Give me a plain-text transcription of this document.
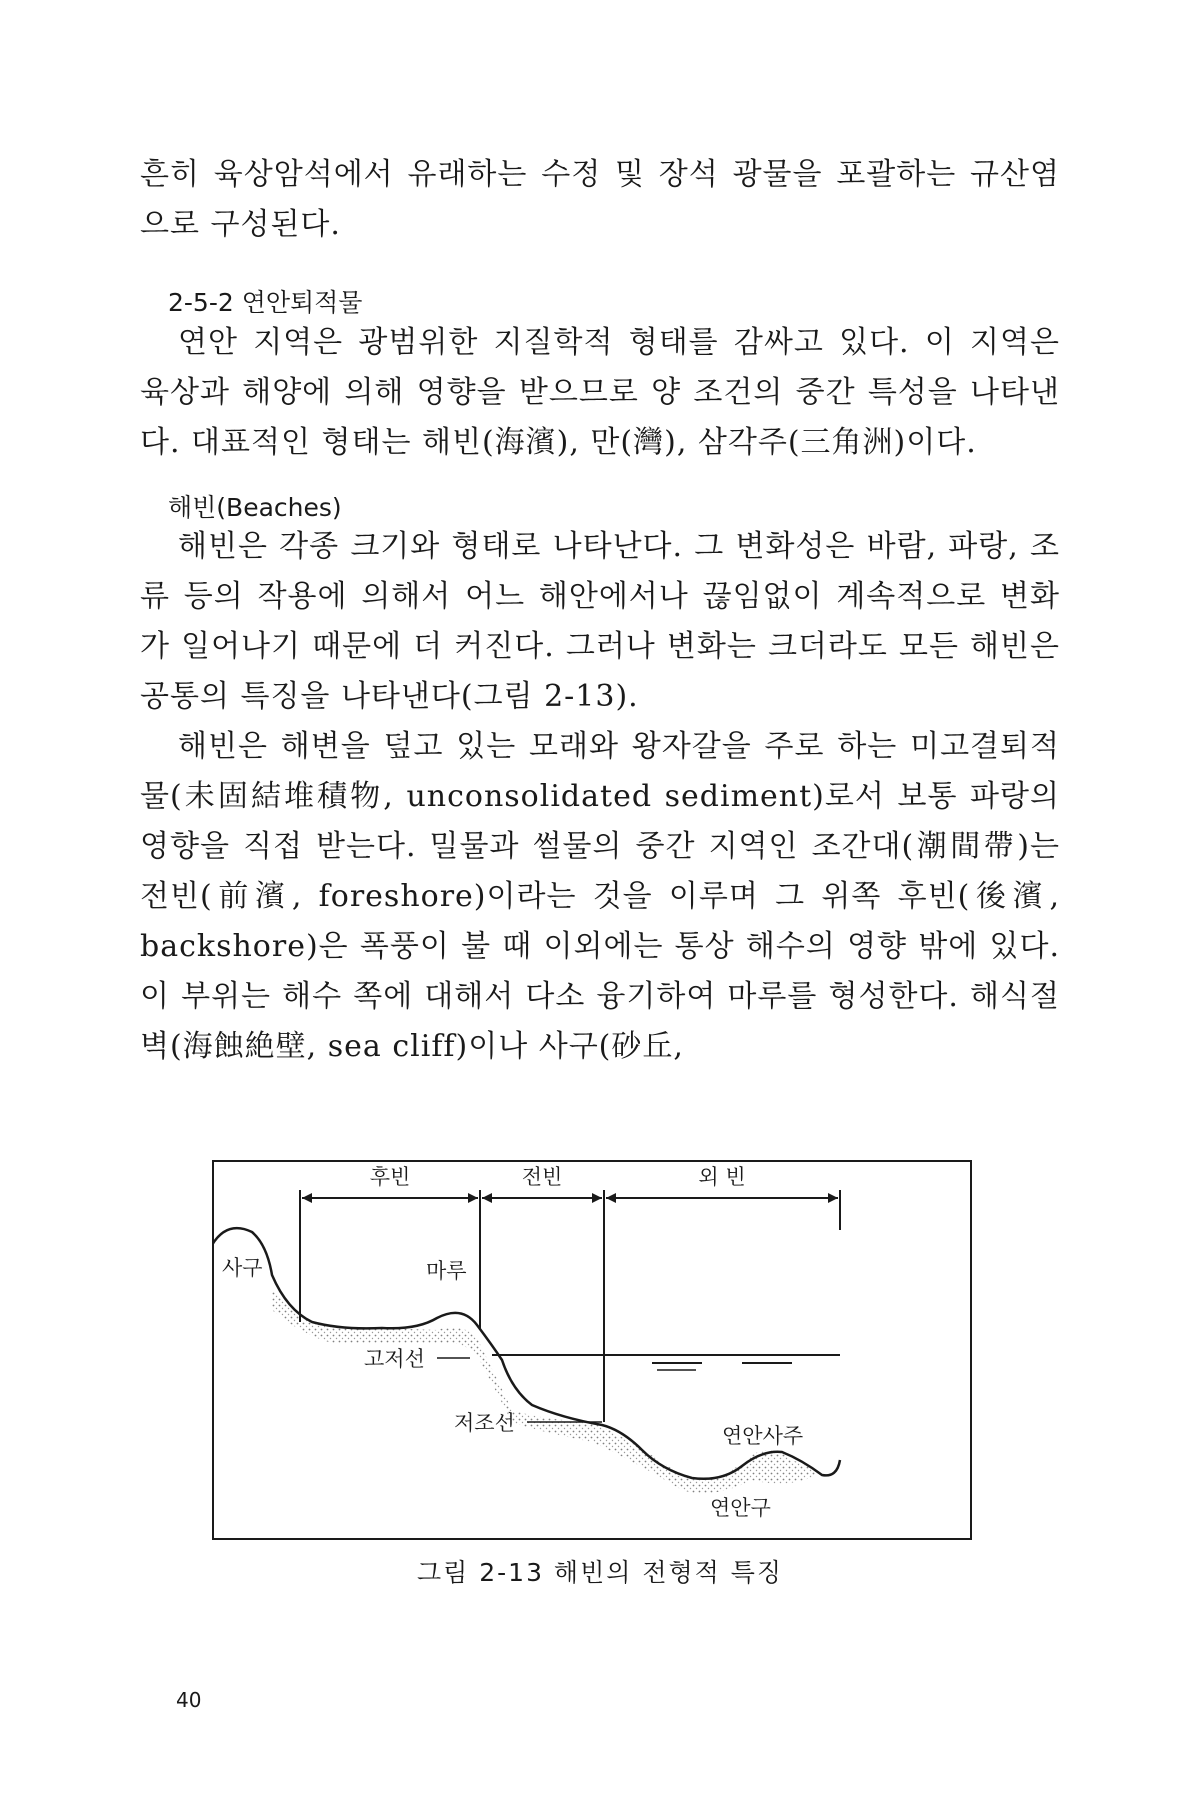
흔히 육상암석에서 유래하는 수정 및 장석 광물을 포괄하는 규산염으로 구성된다.

2-5-2 연안퇴적물

연안 지역은 광범위한 지질학적 형태를 감싸고 있다. 이 지역은 육상과 해양에 의해 영향을 받으므로 양 조건의 중간 특성을 나타낸다. 대표적인 형태는 해빈(海濱), 만(灣), 삼각주(三角洲)이다.

해빈(Beaches)

해빈은 각종 크기와 형태로 나타난다. 그 변화성은 바람, 파랑, 조류 등의 작용에 의해서 어느 해안에서나 끊임없이 계속적으로 변화가 일어나기 때문에 더 커진다. 그러나 변화는 크더라도 모든 해빈은 공통의 특징을 나타낸다(그림 2-13).

해빈은 해변을 덮고 있는 모래와 왕자갈을 주로 하는 미고결퇴적물(未固結堆積物, unconsolidated sediment)로서 보통 파랑의 영향을 직접 받는다. 밀물과 썰물의 중간 지역인 조간대(潮間帶)는 전빈(前濱, foreshore)이라는 것을 이루며 그 위쪽 후빈(後濱, backshore)은 폭풍이 불 때 이외에는 통상 해수의 영향 밖에 있다. 이 부위는 해수 쪽에 대해서 다소 융기하여 마루를 형성한다. 해식절벽(海蝕絶壁, sea cliff)이나 사구(砂丘,

후빈	전빈	외 빈
사구	마루
고저선
저조선
연안사주
연안구
그림 2-13 해빈의 전형적 특징
40
